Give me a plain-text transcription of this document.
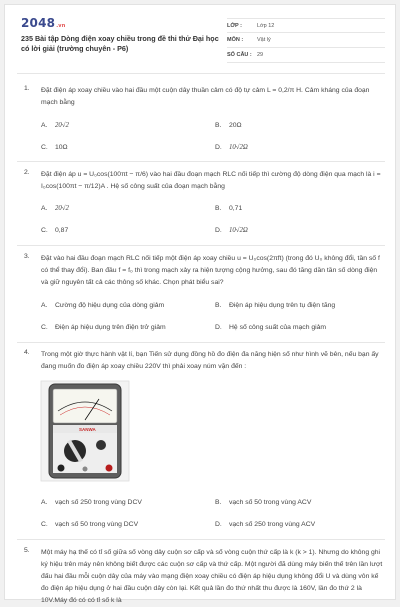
2048.vn
235 Bài tập Dòng điện xoay chiều trong đề thi thử Đại học có lời giải (trường chuyên - P6)
LỚP :	Lớp 12
MÔN :	Vật lý
SỐ CÂU : 29
1. Đặt điện áp xoay chiều vào hai đầu một cuộn dây thuần cảm có độ tự cảm L = 0,2/π H. Cảm kháng của đoạn mạch bằng
A. 20√2	B. 20Ω
C. 10Ω	D. 10√2Ω
2. Đặt điện áp u = U₀cos(100πt − π/6) vào hai đầu đoạn mạch RLC nối tiếp thì cường độ dòng điện qua mạch là i = I₀cos(100πt − π/12)A . Hệ số công suất của đoạn mạch bằng
A. 20√2	B. 0,71
C. 0,87	D. 10√2Ω
3. Đặt vào hai đầu đoạn mạch RLC nối tiếp một điện áp xoay chiều u = U₀cos(2πft) (trong đó U₀ không đổi, tần số f có thể thay đổi). Ban đầu f = f₀ thì trong mạch xảy ra hiện tượng cộng hưởng, sau đó tăng dần tần số dòng điện và giữ nguyên tất cả các thông số khác. Chọn phát biểu sai?
A. Cường độ hiệu dụng của dòng giảm	B. Điện áp hiệu dụng trên tụ điện tăng
C. Điện áp hiệu dụng trên điện trở giảm	D. Hệ số công suất của mạch giảm
4. Trong một giờ thực hành vật lí, bạn Tiến sử dụng đồng hồ đo điện đa năng hiện số như hình vẽ bên, nếu bạn ấy đang muốn đo điện áp xoay chiều 220V thì phải xoay núm vặn đến :
SANWA
A. vạch số 250 trong vùng DCV	B. vạch số 50 trong vùng ACV
C. vạch số 50 trong vùng DCV	D. vạch số 250 trong vùng ACV
5. Một máy hạ thế có tỉ số giữa số vòng dây cuộn sơ cấp và số vòng cuộn thứ cấp là k (k > 1). Nhưng do không ghi ký hiệu trên máy nên không biết được các cuộn sơ cấp và thứ cấp. Một người đã dùng máy biến thế trên lần lượt đấu hai đầu mỗi cuộn dây của máy vào mạng điện xoay chiều có điện áp hiệu dụng không đổi U và dùng vôn kế đo điện áp hiệu dụng ở hai đầu cuộn dây còn lại. Kết quả lần đo thứ nhất thu được là 160V, lần đo thứ 2 là 10V.Máy đó có có tỉ số k là
